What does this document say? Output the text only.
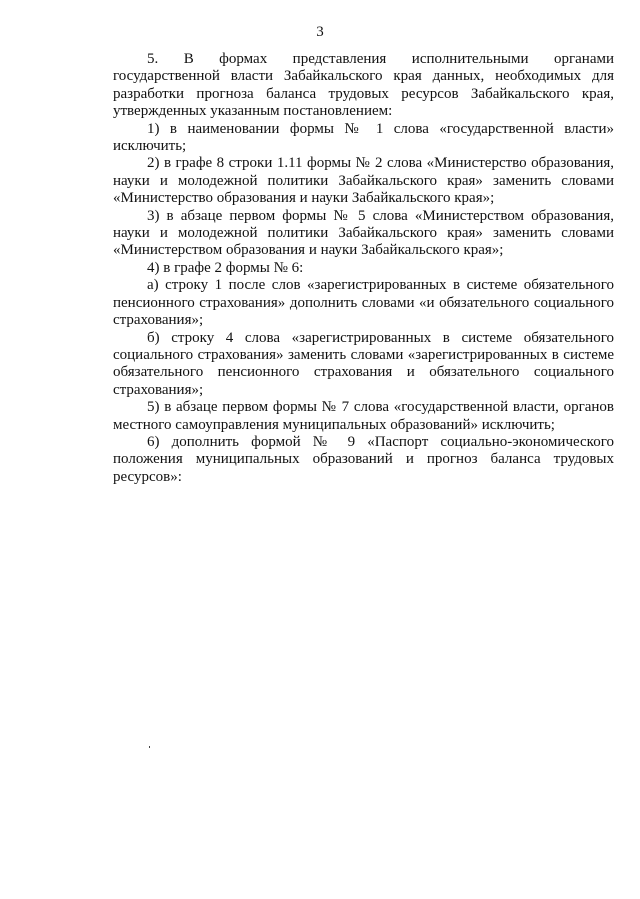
3

5. В формах представления исполнительными органами государственной власти Забайкальского края данных, необходимых для разработки прогноза баланса трудовых ресурсов Забайкальского края, утвержденных указанным постановлением:

1) в наименовании формы № 1 слова «государственной власти» исключить;

2) в графе 8 строки 1.11 формы № 2 слова «Министерство образования, науки и молодежной политики Забайкальского края» заменить словами «Министерство образования и науки Забайкальского края»;

3) в абзаце первом формы № 5 слова «Министерством образования, науки и молодежной политики Забайкальского края» заменить словами «Министерством образования и науки Забайкальского края»;

4) в графе 2 формы № 6:

а) строку 1 после слов «зарегистрированных в системе обязательного пенсионного страхования» дополнить словами «и обязательного социального страхования»;

б) строку 4 слова «зарегистрированных в системе обязательного социального страхования» заменить словами «зарегистрированных в системе обязательного пенсионного страхования и обязательного социального страхования»;

5) в абзаце первом формы № 7 слова «государственной власти, органов местного самоуправления муниципальных образований» исключить;

6) дополнить формой № 9 «Паспорт социально-экономического положения муниципальных образований и прогноз баланса трудовых ресурсов»:
